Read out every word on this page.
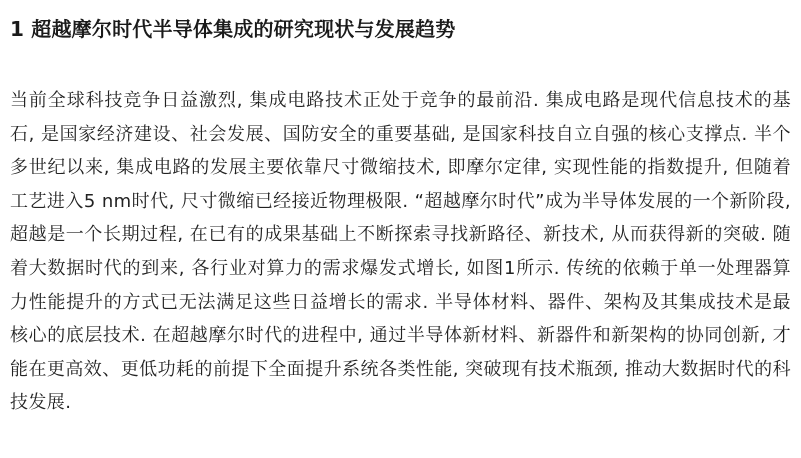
1 超越摩尔时代半导体集成的研究现状与发展趋势

当前全球科技竞争日益激烈, 集成电路技术正处于竞争的最前沿. 集成电路是现代信息技术的基石, 是国家经济建设、社会发展、国防安全的重要基础, 是国家科技自立自强的核心支撑点. 半个多世纪以来, 集成电路的发展主要依靠尺寸微缩技术, 即摩尔定律, 实现性能的指数提升, 但随着工艺进入5 nm时代, 尺寸微缩已经接近物理极限. “超越摩尔时代”成为半导体发展的一个新阶段, 超越是一个长期过程, 在已有的成果基础上不断探索寻找新路径、新技术, 从而获得新的突破. 随着大数据时代的到来, 各行业对算力的需求爆发式增长, 如图1所示. 传统的依赖于单一处理器算力性能提升的方式已无法满足这些日益增长的需求. 半导体材料、器件、架构及其集成技术是最核心的底层技术. 在超越摩尔时代的进程中, 通过半导体新材料、新器件和新架构的协同创新, 才能在更高效、更低功耗的前提下全面提升系统各类性能, 突破现有技术瓶颈, 推动大数据时代的科技发展.
